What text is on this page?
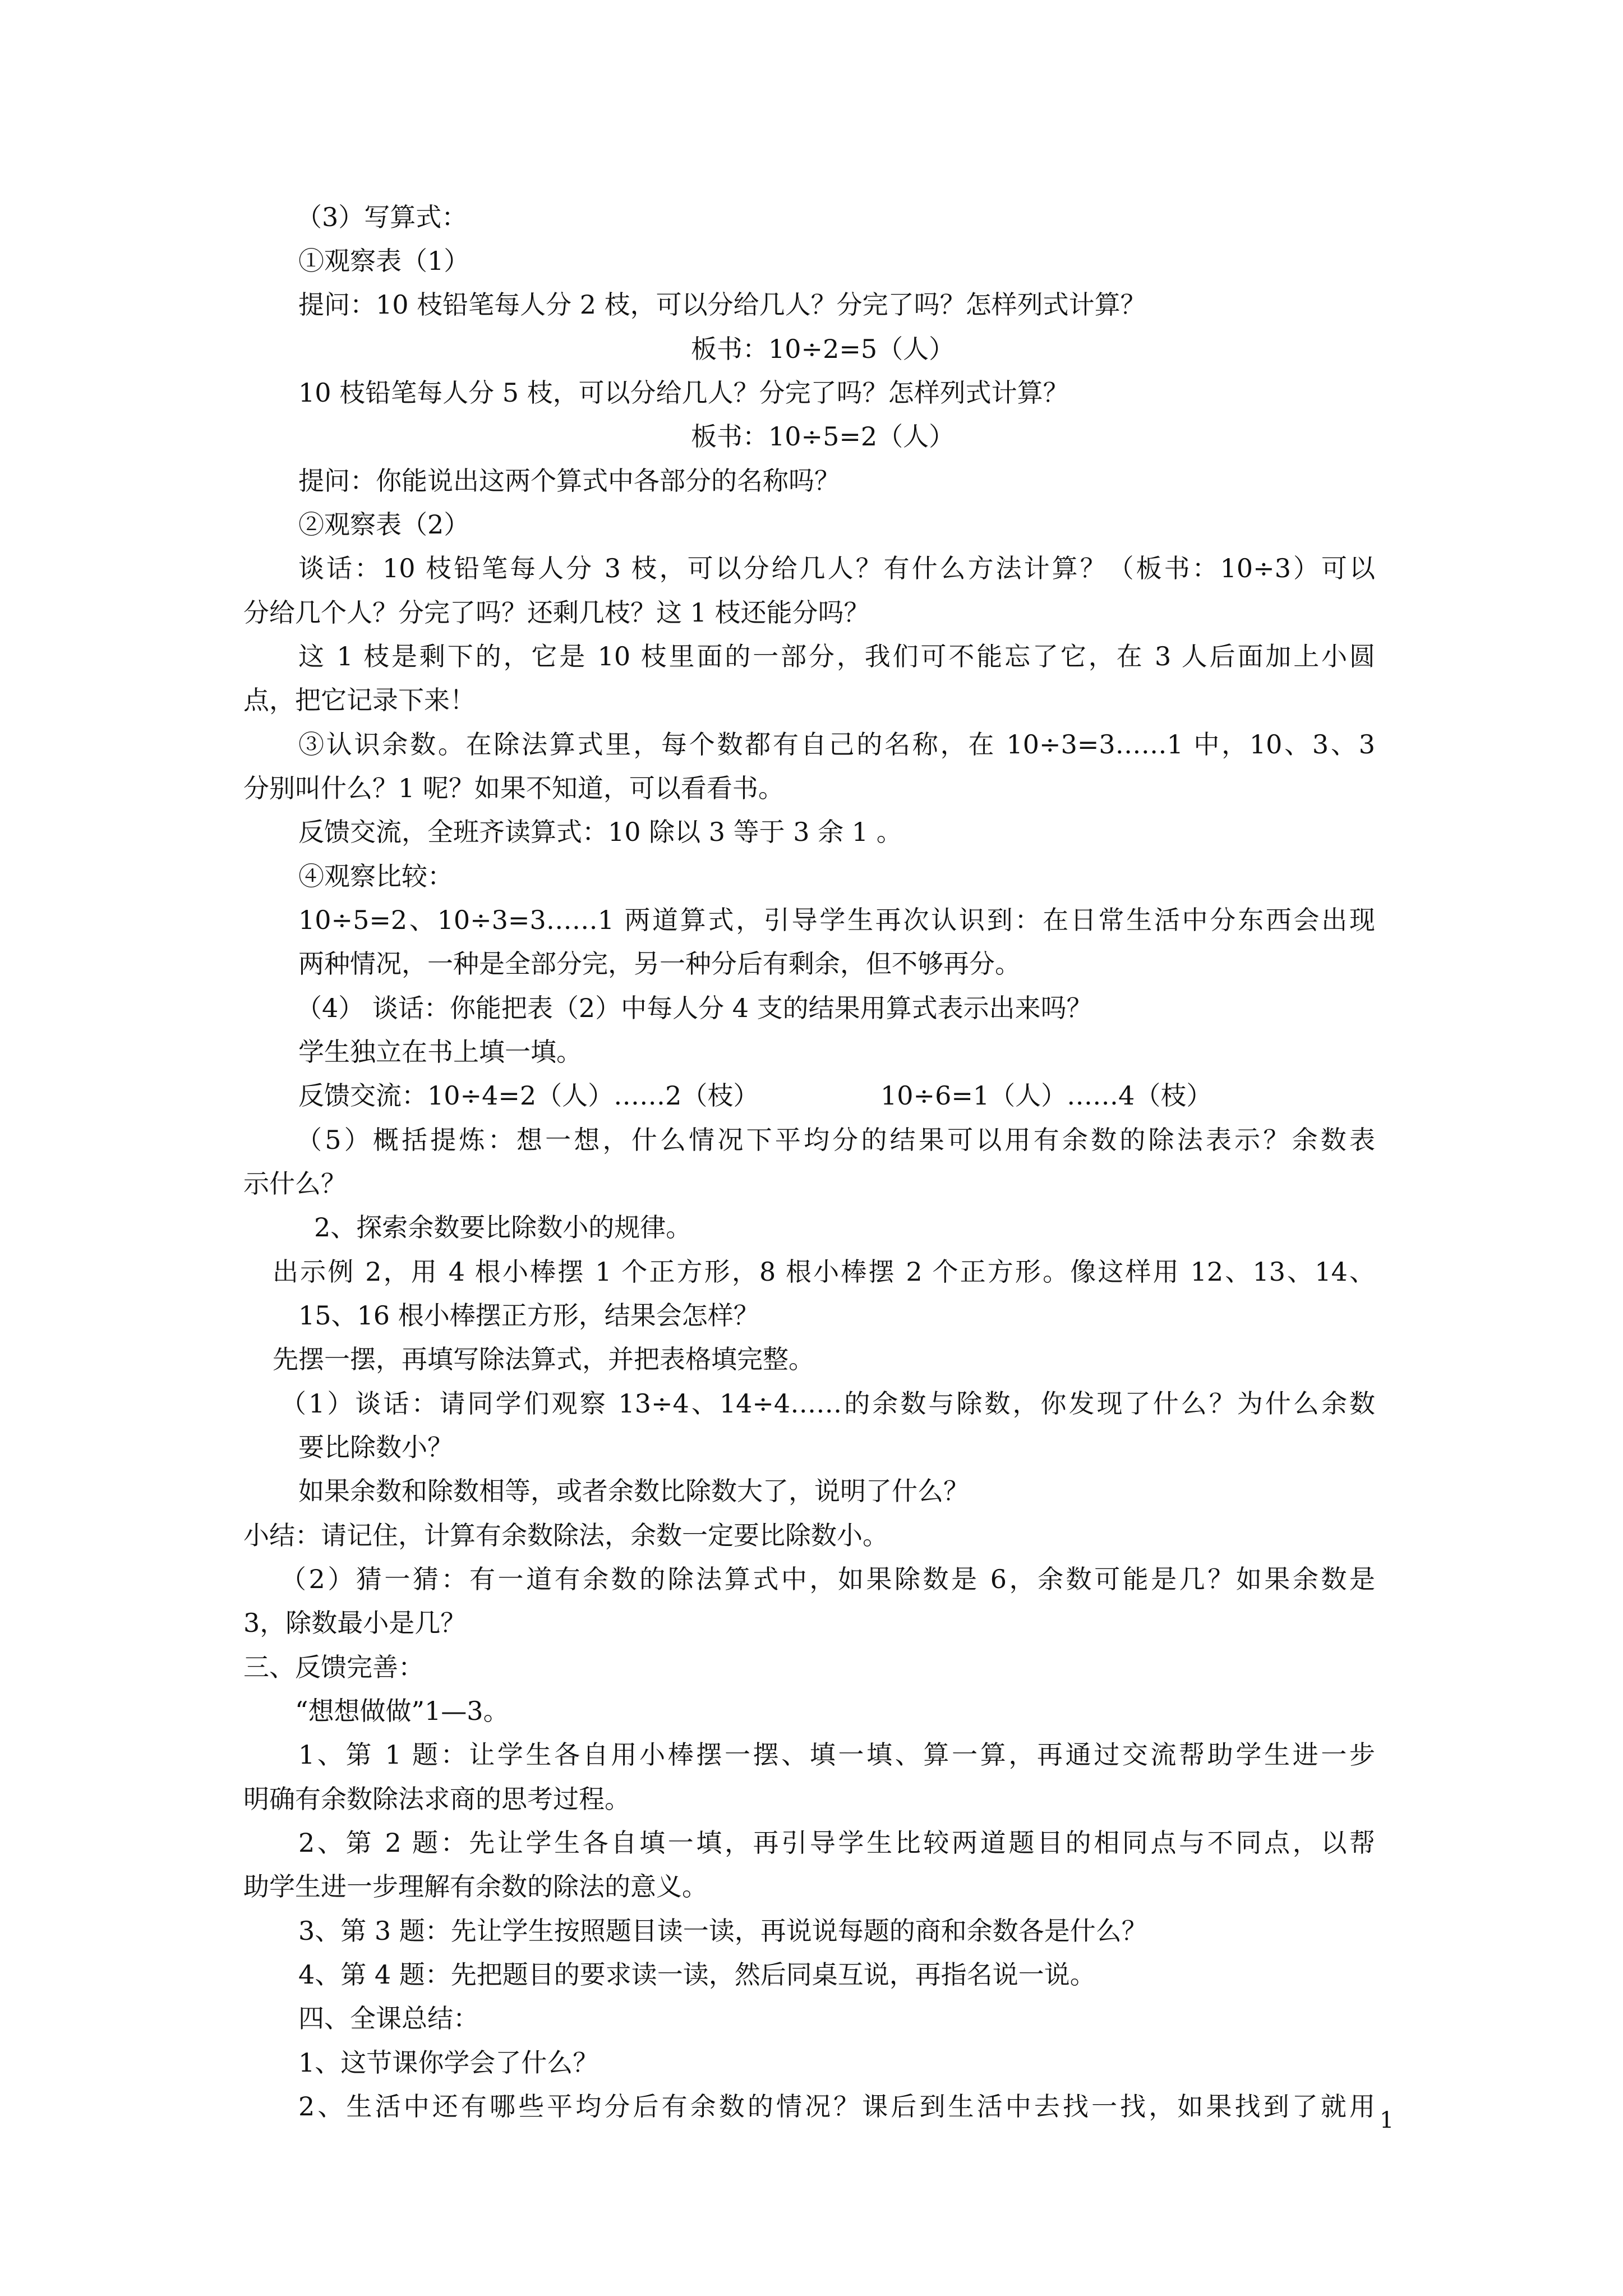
（3）写算式：

①观察表（1）

提问：10 枝铅笔每人分 2 枝，可以分给几人？分完了吗？怎样列式计算？

板书：10÷2=5（人）

10 枝铅笔每人分 5 枝，可以分给几人？分完了吗？怎样列式计算？

板书：10÷5=2（人）

提问：你能说出这两个算式中各部分的名称吗？

②观察表（2）

谈话：10 枝铅笔每人分 3 枝，可以分给几人？有什么方法计算？（板书：10÷3）可以

分给几个人？分完了吗？还剩几枝？这 1 枝还能分吗？

这 1 枝是剩下的，它是 10 枝里面的一部分，我们可不能忘了它，在 3 人后面加上小圆

点，把它记录下来！

③认识余数。在除法算式里，每个数都有自己的名称，在 10÷3=3……1 中，10、3、3

分别叫什么？1 呢？如果不知道，可以看看书。

反馈交流，全班齐读算式：10 除以 3 等于 3 余 1 。

④观察比较：

10÷5=2、10÷3=3……1 两道算式，引导学生再次认识到：在日常生活中分东西会出现

两种情况，一种是全部分完，另一种分后有剩余，但不够再分。

（4） 谈话：你能把表（2）中每人分 4 支的结果用算式表示出来吗？

学生独立在书上填一填。

反馈交流：10÷4=2（人）……2（枝）	10÷6=1（人）……4（枝）

（5）概括提炼：想一想，什么情况下平均分的结果可以用有余数的除法表示？余数表

示什么？

2、探索余数要比除数小的规律。

出示例 2，用 4 根小棒摆 1 个正方形，8 根小棒摆 2 个正方形。像这样用 12、13、14、

15、16 根小棒摆正方形，结果会怎样？

先摆一摆，再填写除法算式，并把表格填完整。

（1）谈话：请同学们观察 13÷4、14÷4……的余数与除数，你发现了什么？为什么余数

要比除数小？

如果余数和除数相等，或者余数比除数大了，说明了什么？

小结：请记住，计算有余数除法，余数一定要比除数小。

（2）猜一猜：有一道有余数的除法算式中，如果除数是 6，余数可能是几？如果余数是

3，除数最小是几？

三、反馈完善：

“想想做做”1—3。

1、第 1 题：让学生各自用小棒摆一摆、填一填、算一算，再通过交流帮助学生进一步

明确有余数除法求商的思考过程。

2、第 2 题：先让学生各自填一填，再引导学生比较两道题目的相同点与不同点，以帮

助学生进一步理解有余数的除法的意义。

3、第 3 题：先让学生按照题目读一读，再说说每题的商和余数各是什么？

4、第 4 题：先把题目的要求读一读，然后同桌互说，再指名说一说。

四、全课总结：

1、这节课你学会了什么？

2、生活中还有哪些平均分后有余数的情况？课后到生活中去找一找，如果找到了就用 1
